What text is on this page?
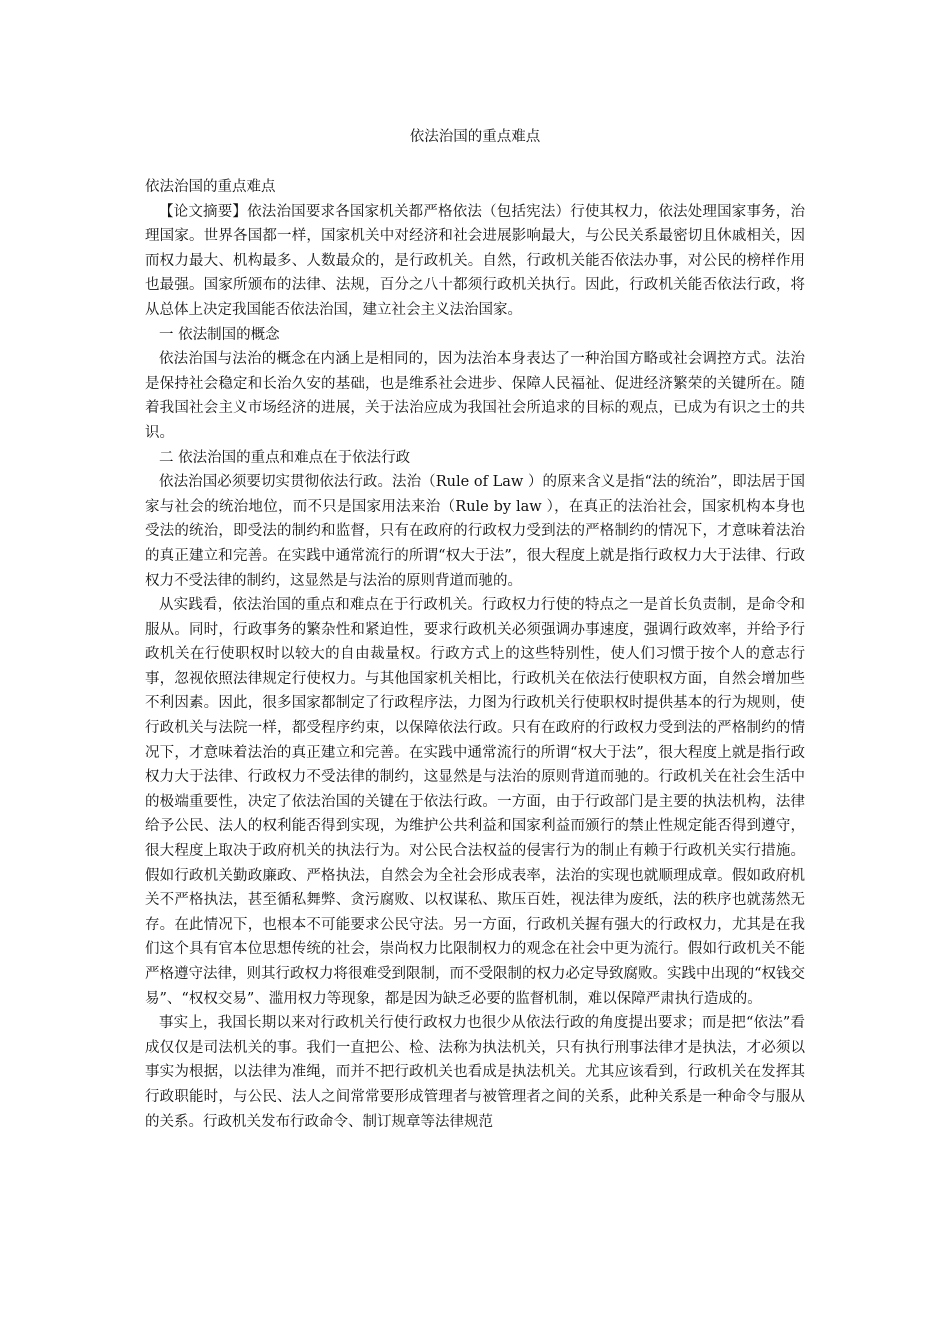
依法治国的重点难点

依法治国的重点难点

【论文摘要】依法治国要求各国家机关都严格依法（包括宪法）行使其权力，依法处理国家事务，治理国家。世界各国都一样，国家机关中对经济和社会进展影响最大，与公民关系最密切且休戚相关，因而权力最大、机构最多、人数最众的，是行政机关。自然，行政机关能否依法办事，对公民的榜样作用也最强。国家所颁布的法律、法规，百分之八十都须行政机关执行。因此，行政机关能否依法行政，将从总体上决定我国能否依法治国，建立社会主义法治国家。

一 依法制国的概念

依法治国与法治的概念在内涵上是相同的，因为法治本身表达了一种治国方略或社会调控方式。法治是保持社会稳定和长治久安的基础，也是维系社会进步、保障人民福祉、促进经济繁荣的关键所在。随着我国社会主义市场经济的进展，关于法治应成为我国社会所追求的目标的观点，已成为有识之士的共识。

二 依法治国的重点和难点在于依法行政

依法治国必须要切实贯彻依法行政。法治（Rule of Law ）的原来含义是指“法的统治”，即法居于国家与社会的统治地位，而不只是国家用法来治（Rule by law ），在真正的法治社会，国家机构本身也受法的统治，即受法的制约和监督，只有在政府的行政权力受到法的严格制约的情况下，才意味着法治的真正建立和完善。在实践中通常流行的所谓“权大于法”，很大程度上就是指行政权力大于法律、行政权力不受法律的制约，这显然是与法治的原则背道而驰的。

从实践看，依法治国的重点和难点在于行政机关。行政权力行使的特点之一是首长负责制，是命令和服从。同时，行政事务的繁杂性和紧迫性，要求行政机关必须强调办事速度，强调行政效率，并给予行政机关在行使职权时以较大的自由裁量权。行政方式上的这些特别性，使人们习惯于按个人的意志行事，忽视依照法律规定行使权力。与其他国家机关相比，行政机关在依法行使职权方面，自然会增加些不利因素。因此，很多国家都制定了行政程序法，力图为行政机关行使职权时提供基本的行为规则，使行政机关与法院一样，都受程序约束，以保障依法行政。只有在政府的行政权力受到法的严格制约的情况下，才意味着法治的真正建立和完善。在实践中通常流行的所谓“权大于法”，很大程度上就是指行政权力大于法律、行政权力不受法律的制约，这显然是与法治的原则背道而驰的。行政机关在社会生活中的极端重要性，决定了依法治国的关键在于依法行政。一方面，由于行政部门是主要的执法机构，法律给予公民、法人的权利能否得到实现，为维护公共利益和国家利益而颁行的禁止性规定能否得到遵守，很大程度上取决于政府机关的执法行为。对公民合法权益的侵害行为的制止有赖于行政机关实行措施。假如行政机关勤政廉政、严格执法，自然会为全社会形成表率，法治的实现也就顺理成章。假如政府机关不严格执法，甚至循私舞弊、贪污腐败、以权谋私、欺压百姓，视法律为废纸，法的秩序也就荡然无存。在此情况下，也根本不可能要求公民守法。另一方面，行政机关握有强大的行政权力，尤其是在我们这个具有官本位思想传统的社会，崇尚权力比限制权力的观念在社会中更为流行。假如行政机关不能严格遵守法律，则其行政权力将很难受到限制，而不受限制的权力必定导致腐败。实践中出现的“权钱交易”、“权权交易”、滥用权力等现象，都是因为缺乏必要的监督机制，难以保障严肃执行造成的。

事实上，我国长期以来对行政机关行使行政权力也很少从依法行政的角度提出要求；而是把“依法”看成仅仅是司法机关的事。我们一直把公、检、法称为执法机关，只有执行刑事法律才是执法，才必须以事实为根据，以法律为准绳，而并不把行政机关也看成是执法机关。尤其应该看到，行政机关在发挥其行政职能时，与公民、法人之间常常要形成管理者与被管理者之间的关系，此种关系是一种命令与服从的关系。行政机关发布行政命令、制订规章等法律规范
